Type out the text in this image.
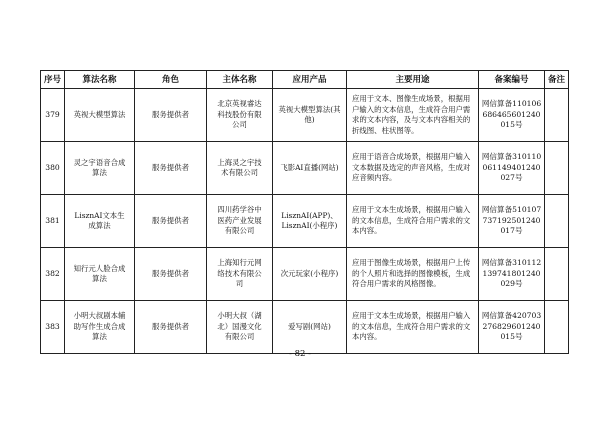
序号	算法名称	角色	主体名称	应用产品	主要用途	备案编号	备注
379	英视大模型算法	服务提供者	北京英视睿达科技股份有限公司	英视大模型算法(其他)	应用于文本、图像生成场景，根据用户输入的文本信息，生成符合用户需求的文本内容，及与文本内容相关的折线图、柱状图等。	网信算备110106686465601240015号	

380	灵之宇语音合成算法	服务提供者	上海灵之宇技术有限公司	飞影AI直播(网站)	应用于语音合成场景，根据用户输入文本数据及选定的声音风格，生成对应音频内容。	网信算备310110061149401240027号	

381	LisznAI文本生成算法	服务提供者	四川药学谷中医药产业发展有限公司	LisznAI(APP)、LisznAI(小程序)	应用于文本生成场景，根据用户输入的文本信息，生成符合用户需求的文本内容。	网信算备510107737192501240017号	

382	知行元人脸合成算法	服务提供者	上海知行元网络技术有限公司	次元玩家(小程序)	应用于图像生成场景，根据用户上传的个人照片和选择的图像模板，生成符合用户需求的风格图像。	网信算备310112139741801240029号	

383	小明大叔剧本辅助写作生成合成算法	服务提供者	小明大叔（湖北）国漫文化有限公司	爱写剧(网站)	应用于文本生成场景，根据用户输入的文本信息，生成符合用户需求的文本内容。	网信算备420703276829601240015号	

- 82 -
